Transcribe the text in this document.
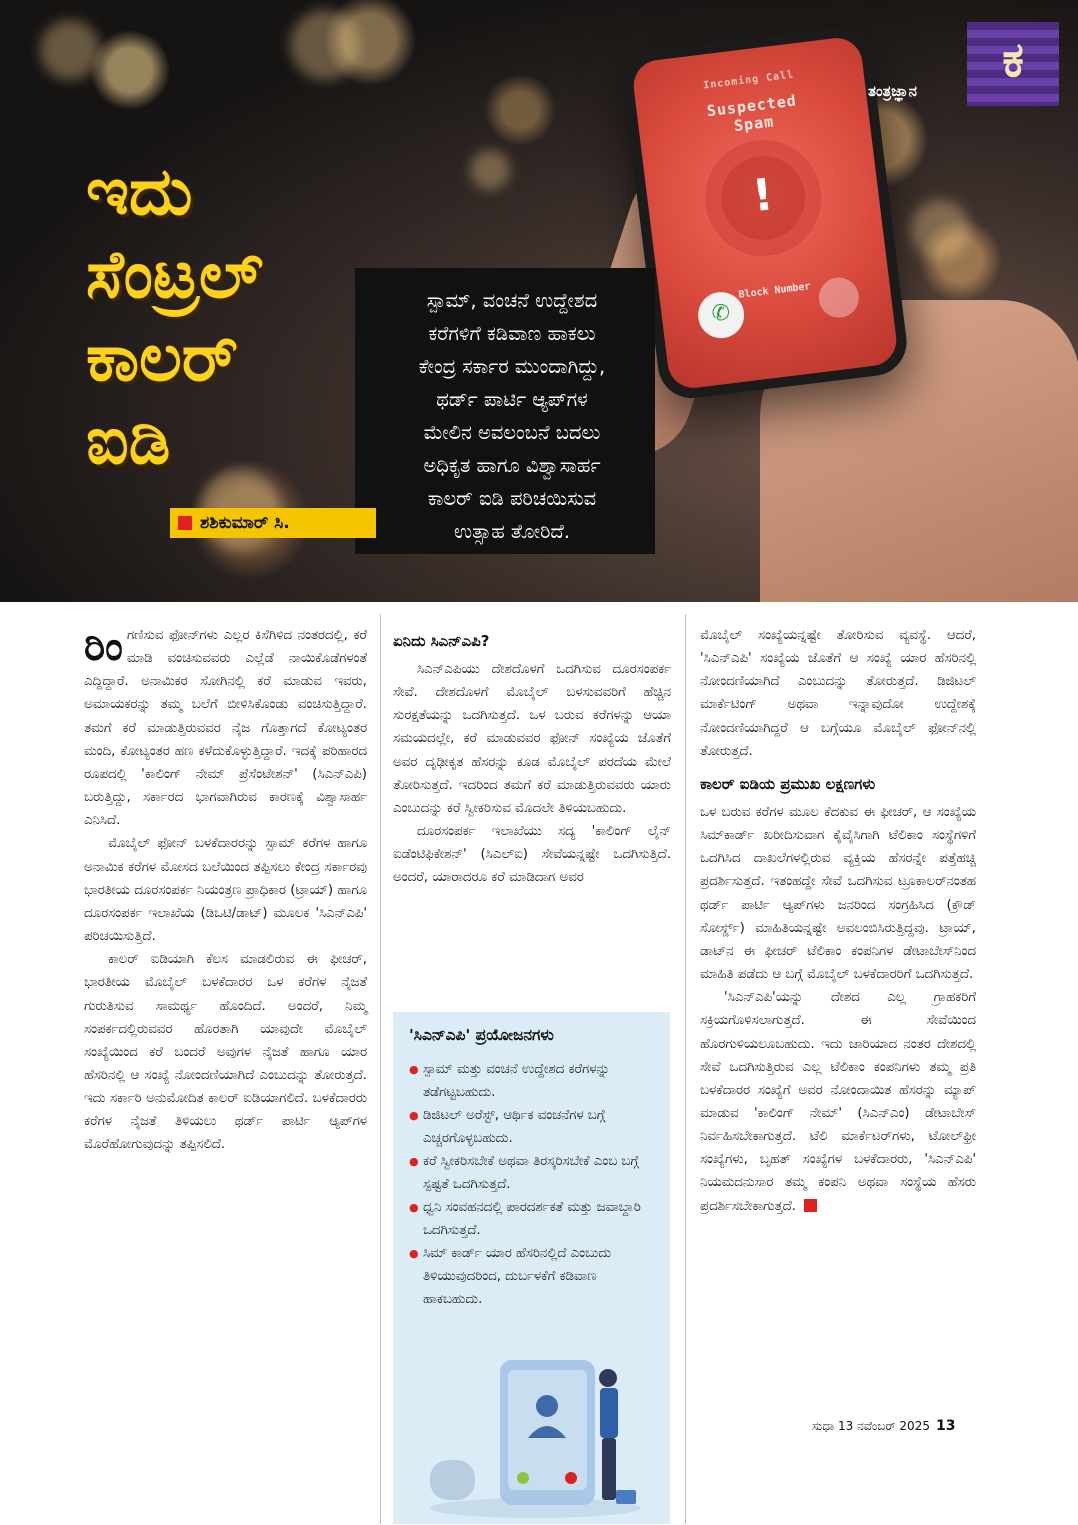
Incoming Call
Suspected
Spam
!
Block Number
✆
ಇದು
ಸೆಂಟ್ರಲ್
ಕಾಲರ್
ಐಡಿ
ಸ್ಪಾಮ್, ವಂಚನೆ ಉದ್ದೇಶದ
ಕರೆಗಳಿಗೆ ಕಡಿವಾಣ ಹಾಕಲು
ಕೇಂದ್ರ ಸರ್ಕಾರ ಮುಂದಾಗಿದ್ದು,
ಥರ್ಡ್ ಪಾರ್ಟಿ ಆ್ಯಪ್‌ಗಳ
ಮೇಲಿನ ಅವಲಂಬನೆ ಬದಲು
ಅಧಿಕೃತ ಹಾಗೂ ವಿಶ್ವಾಸಾರ್ಹ
ಕಾಲರ್ ಐಡಿ ಪರಿಚಯಿಸುವ
ಉತ್ಸಾಹ ತೋರಿದೆ.
ಶಶಿಕುಮಾರ್ ಸಿ.
ಕ
ತಂತ್ರಜ್ಞಾನ

ರಿಂಗಣಿಸುವ ಫೋನ್‌ಗಳು ಎಲ್ಲರ ಕಿಸೆಗಿಳಿದ ನಂತರದಲ್ಲಿ, ಕರೆ ಮಾಡಿ ವಂಚಿಸುವವರು ಎಲ್ಲೆಡೆ ನಾಯಿಕೊಡೆಗಳಂತೆ ಎದ್ದಿದ್ದಾರೆ. ಅನಾಮಿಕರ ಸೋಗಿನಲ್ಲಿ ಕರೆ ಮಾಡುವ ಇವರು, ಅಮಾಯಕರನ್ನು ತಮ್ಮ ಬಲೆಗೆ ಬೀಳಿಸಿಕೊಂಡು ವಂಚಿಸುತ್ತಿದ್ದಾರೆ. ತಮಗೆ ಕರೆ ಮಾಡುತ್ತಿರುವವರ ನೈಜ ಗೊತ್ತಾಗದೆ ಕೋಟ್ಯಂತರ ಮಂದಿ, ಕೋಟ್ಯಂತರ ಹಣ ಕಳೆದುಕೊಳ್ಳುತ್ತಿದ್ದಾರೆ. ಇದಕ್ಕೆ ಪರಿಹಾರದ ರೂಪದಲ್ಲಿ 'ಕಾಲಿಂಗ್ ನೇಮ್ ಪ್ರೆಸೆಂಟೇಶನ್' (ಸಿಎನ್‌ಎಪಿ) ಬರುತ್ತಿದ್ದು, ಸರ್ಕಾರದ ಭಾಗವಾಗಿರುವ ಕಾರಣಕ್ಕೆ ವಿಶ್ವಾಸಾರ್ಹ ಎನಿಸಿದೆ.

ಮೊಬೈಲ್ ಫೋನ್ ಬಳಕೆದಾರರನ್ನು ಸ್ಪಾಮ್ ಕರೆಗಳ ಹಾಗೂ ಅನಾಮಿಕ ಕರೆಗಳ ಮೋಸದ ಬಲೆಯಿಂದ ತಪ್ಪಿಸಲು ಕೇಂದ್ರ ಸರ್ಕಾರವು ಭಾರತೀಯ ದೂರಸಂಪರ್ಕ ನಿಯಂತ್ರಣ ಪ್ರಾಧಿಕಾರ (ಟ್ರಾಯ್) ಹಾಗೂ ದೂರಸಂಪರ್ಕ ಇಲಾಖೆಯ (ಡಿಒಟಿ/ಡಾಟ್) ಮೂಲಕ 'ಸಿಎನ್‌ಎಪಿ' ಪರಿಚಯಿಸುತ್ತಿದೆ.

ಕಾಲರ್ ಐಡಿಯಾಗಿ ಕೆಲಸ ಮಾಡಲಿರುವ ಈ ಫೀಚರ್, ಭಾರತೀಯ ಮೊಬೈಲ್ ಬಳಕೆದಾರರ ಒಳ ಕರೆಗಳ ನೈಜತೆ ಗುರುತಿಸುವ ಸಾಮರ್ಥ್ಯ ಹೊಂದಿದೆ. ಅಂದರೆ, ನಿಮ್ಮ ಸಂಪರ್ಕದಲ್ಲಿರುವವರ ಹೊರತಾಗಿ ಯಾವುದೇ ಮೊಬೈಲ್ ಸಂಖ್ಯೆಯಿಂದ ಕರೆ ಬಂದರೆ ಅವುಗಳ ನೈಜತೆ ಹಾಗೂ ಯಾರ ಹೆಸರಿನಲ್ಲಿ ಆ ಸಂಖ್ಯೆ ನೋಂದಣಿಯಾಗಿದೆ ಎಂಬುದನ್ನು ತೋರುತ್ತದೆ. ಇದು ಸರ್ಕಾರಿ ಅನುಮೋದಿತ ಕಾಲರ್ ಐಡಿಯಾಗಲಿದೆ. ಬಳಕೆದಾರರು ಕರೆಗಳ ನೈಜತೆ ತಿಳಿಯಲು ಥರ್ಡ್ ಪಾರ್ಟಿ ಆ್ಯಪ್‌ಗಳ ಮೊರೆಹೋಗುವುದನ್ನು ತಪ್ಪಿಸಲಿದೆ.

ಏನಿದು ಸಿಎನ್‌ಎಪಿ?

ಸಿಎನ್‌ಎಪಿಯು ದೇಶದೊಳಗೆ ಒದಗಿಸುವ ದೂರಸಂಪರ್ಕ ಸೇವೆ. ದೇಶದೊಳಗೆ ಮೊಬೈಲ್ ಬಳಸುವವರಿಗೆ ಹೆಚ್ಚಿನ ಸುರಕ್ಷತೆಯನ್ನು ಒದಗಿಸುತ್ತದೆ. ಒಳ ಬರುವ ಕರೆಗಳನ್ನು ಆಯಾ ಸಮಯದಲ್ಲೇ, ಕರೆ ಮಾಡುವವರ ಫೋನ್ ಸಂಖ್ಯೆಯ ಜೊತೆಗೆ ಅವರ ದೃಢೀಕೃತ ಹೆಸರನ್ನು ಕೂಡ ಮೊಬೈಲ್ ಪರದೆಯ ಮೇಲೆ ತೋರಿಸುತ್ತದೆ. ಇದರಿಂದ ತಮಗೆ ಕರೆ ಮಾಡುತ್ತಿರುವವರು ಯಾರು ಎಂಬುದನ್ನು ಕರೆ ಸ್ವೀಕರಿಸುವ ಮೊದಲೇ ತಿಳಿಯಬಹುದು.

ದೂರಸಂಪರ್ಕ ಇಲಾಖೆಯು ಸದ್ಯ 'ಕಾಲಿಂಗ್ ಲೈನ್ ಐಡೆಂಟಿಫಿಕೇಶನ್' (ಸಿಎಲ್‌ಐ) ಸೇವೆಯನ್ನಷ್ಟೇ ಒದಗಿಸುತ್ತಿದೆ. ಅಂದರೆ, ಯಾರಾದರೂ ಕರೆ ಮಾಡಿದಾಗ ಅವರ

'ಸಿಎನ್‌ಎಪಿ' ಪ್ರಯೋಜನಗಳು
● ಸ್ಪಾಮ್ ಮತ್ತು ವಂಚನೆ ಉದ್ದೇಶದ ಕರೆಗಳನ್ನು ತಡೆಗಟ್ಟಬಹುದು.
● ಡಿಜಿಟಲ್ ಅರೆಸ್ಟ್, ಆರ್ಥಿಕ ವಂಚನೆಗಳ ಬಗ್ಗೆ ಎಚ್ಚರಗೊಳ್ಳಬಹುದು.
● ಕರೆ ಸ್ವೀಕರಿಸಬೇಕೆ ಅಥವಾ ತಿರಸ್ಕರಿಸಬೇಕೆ ಎಂಬ ಬಗ್ಗೆ ಸ್ಪಷ್ಟತೆ ಒದಗಿಸುತ್ತದೆ.
● ಧ್ವನಿ ಸಂವಹನದಲ್ಲಿ ಪಾರದರ್ಶಕತೆ ಮತ್ತು ಜವಾಬ್ದಾರಿ ಒದಗಿಸುತ್ತದೆ.
● ಸಿಮ್ ಕಾರ್ಡ್ ಯಾರ ಹೆಸರಿನಲ್ಲಿದೆ ಎಂಬುದು ತಿಳಿಯುವುದರಿಂದ, ದುರ್ಬಳಕೆಗೆ ಕಡಿವಾಣ ಹಾಕಬಹುದು.

ಮೊಬೈಲ್ ಸಂಖ್ಯೆಯನ್ನಷ್ಟೇ ತೋರಿಸುವ ವ್ಯವಸ್ಥೆ. ಆದರೆ, 'ಸಿಎನ್‌ಎಪಿ' ಸಂಖ್ಯೆಯ ಜೊತೆಗೆ ಆ ಸಂಖ್ಯೆ ಯಾರ ಹೆಸರಿನಲ್ಲಿ ನೋಂದಣಿಯಾಗಿದೆ ಎಂಬುದನ್ನು ತೋರುತ್ತದೆ. ಡಿಜಿಟಲ್ ಮಾರ್ಕೆಟಿಂಗ್ ಅಥವಾ ಇನ್ನಾವುದೋ ಉದ್ದೇಶಕ್ಕೆ ನೋಂದಣಿಯಾಗಿದ್ದರೆ ಆ ಬಗ್ಗೆಯೂ ಮೊಬೈಲ್ ಫೋನ್‌ನಲ್ಲಿ ತೋರುತ್ತದೆ.

ಕಾಲರ್ ಐಡಿಯ ಪ್ರಮುಖ ಲಕ್ಷಣಗಳು

ಒಳ ಬರುವ ಕರೆಗಳ ಮೂಲ ಕೆದಕುವ ಈ ಫೀಚರ್, ಆ ಸಂಖ್ಯೆಯ ಸಿಮ್‌ಕಾರ್ಡ್ ಖರೀದಿಸುವಾಗ ಕೈವೈಸಿಗಾಗಿ ಟೆಲಿಕಾಂ ಸಂಸ್ಥೆಗಳಿಗೆ ಒದಗಿಸಿದ ದಾಖಲೆಗಳಲ್ಲಿರುವ ವ್ಯಕ್ತಿಯ ಹೆಸರನ್ನೇ ಪತ್ತೆಹಚ್ಚಿ ಪ್ರದರ್ಶಿಸುತ್ತದೆ. ಇತಂಹದ್ದೇ ಸೇವೆ ಒದಗಿಸುವ ಟ್ರೂಕಾಲರ್‌ನಂತಹ ಥರ್ಡ್ ಪಾರ್ಟಿ ಆ್ಯಪ್‌ಗಳು ಜನರಿಂದ ಸಂಗ್ರಹಿಸಿದ (ಕ್ರೌಡ್ ಸೋರ್ಸ್ಡ್) ಮಾಹಿತಿಯನ್ನಷ್ಟೇ ಅವಲಂಬಿಸಿರುತ್ತಿದ್ದವು. ಟ್ರಾಯ್, ಡಾಟ್‌ನ ಈ ಫೀಚರ್ ಟೆಲಿಕಾಂ ಕಂಪನಿಗಳ ಡೇಟಾಬೇಸ್‌ನಿಂದ ಮಾಹಿತಿ ಪಡೆದು ಆ ಬಗ್ಗೆ ಮೊಬೈಲ್ ಬಳಕೆದಾರರಿಗೆ ಒದಗಿಸುತ್ತದೆ.

'ಸಿಎನ್‌ಎಪಿ'ಯನ್ನು ದೇಶದ ಎಲ್ಲ ಗ್ರಾಹಕರಿಗೆ ಸಕ್ರಿಯಗೊಳಿಸಲಾಗುತ್ತದೆ. ಈ ಸೇವೆಯಿಂದ ಹೊರಗುಳಿಯಲೂಬಹುದು. ಇದು ಜಾರಿಯಾದ ನಂತರ ದೇಶದಲ್ಲಿ ಸೇವೆ ಒದಗಿಸುತ್ತಿರುವ ಎಲ್ಲ ಟೆಲಿಕಾಂ ಕಂಪನಿಗಳು ತಮ್ಮ ಪ್ರತಿ ಬಳಕೆದಾರರ ಸಂಖ್ಯೆಗೆ ಅವರ ನೋಂದಾಯಿತ ಹೆಸರನ್ನು ಮ್ಯಾಪ್ ಮಾಡುವ 'ಕಾಲಿಂಗ್ ನೇಮ್' (ಸಿಎನ್‌ಎಂ) ಡೇಟಾಬೇಸ್ ನಿರ್ವಹಿಸಬೇಕಾಗುತ್ತದೆ. ಟೆಲಿ ಮಾರ್ಕೆಟರ್‌ಗಳು, ಟೋಲ್‌ಫ್ರೀ ಸಂಖ್ಯೆಗಳು, ಬೃಹತ್ ಸಂಖ್ಯೆಗಳ ಬಳಕೆದಾರರು, 'ಸಿಎನ್‌ಎಪಿ' ನಿಯಮದನುಸಾರ ತಮ್ಮ ಕಂಪನಿ ಅಥವಾ ಸಂಸ್ಥೆಯ ಹೆಸರು ಪ್ರದರ್ಶಿಸಬೇಕಾಗುತ್ತದೆ.

ಸುಧಾ 13 ನವೆಂಬರ್ 2025 13
